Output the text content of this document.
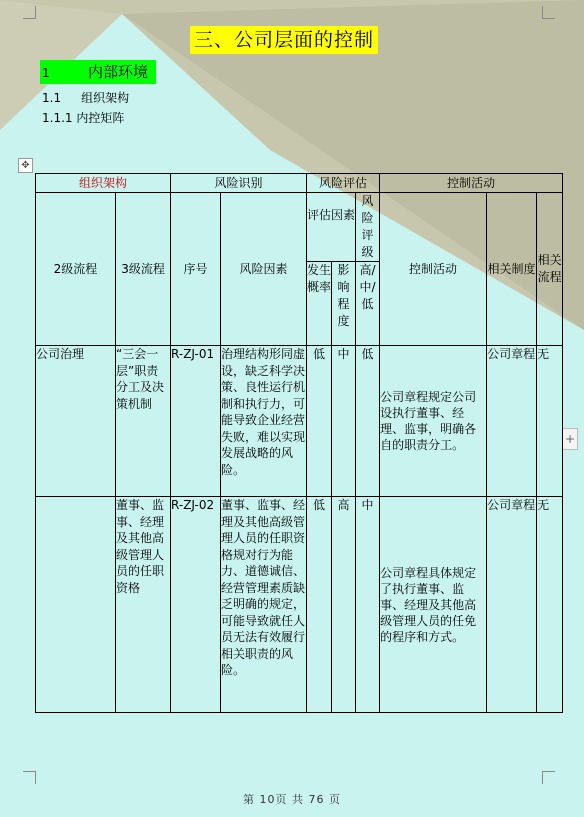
三、公司层面的控制
1	内部环境
1.1 组织架构
1.1.1 内控矩阵
✥
+
组织架构		风险识别		风险评估			控制活动		
2级流程	3级流程	序号	风险因素	评估因素		风险评级	控制活动	相关制度	相关流程
				发生概率	影响程度	高/中/低			
公司治理	“三会一层”职责分工及决策机制	R-ZJ-01	治理结构形同虚设，缺乏科学决策、良性运行机制和执行力，可能导致企业经营失败，难以实现发展战略的风险。	低	中	低	公司章程规定公司设执行董事、经理、监事，明确各自的职责分工。	公司章程	无
	董事、监事、经理及其他高级管理人员的任职资格	R-ZJ-02	董事、监事、经理及其他高级管理人员的任职资格规对行为能力、道德诚信、经营管理素质缺乏明确的规定，可能导致就任人员无法有效履行相关职责的风险。	低	高	中	公司章程具体规定了执行董事、监事、经理及其他高级管理人员的任免的程序和方式。	公司章程	无
第 10页 共 76 页
